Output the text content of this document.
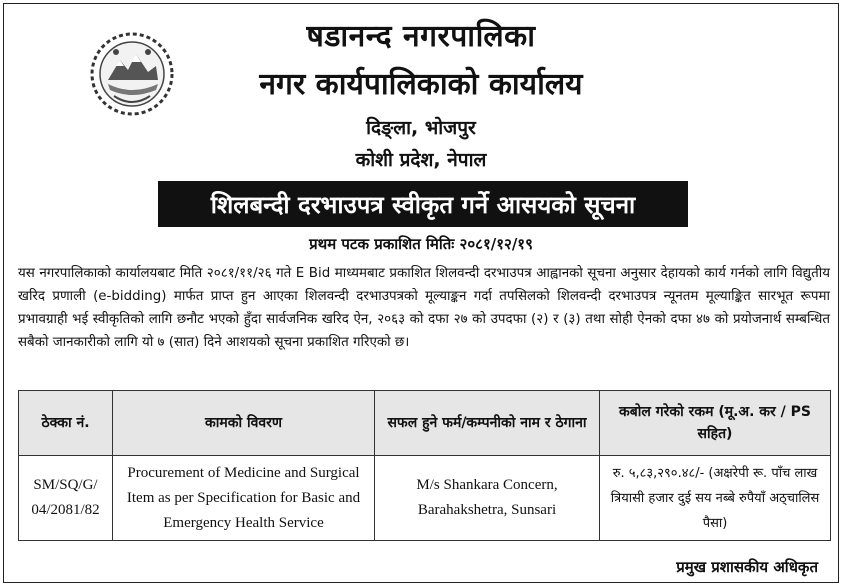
षडानन्द नगरपालिका
नगर कार्यपालिकाको कार्यालय
दिङ्ला, भोजपुर
कोशी प्रदेश, नेपाल
शिलबन्दी दरभाउपत्र स्वीकृत गर्ने आसयको सूचना
प्रथम पटक प्रकाशित मितिः २०८१/१२/१९
यस नगरपालिकाको कार्यालयबाट मिति २०८१/११/२६ गते E Bid माध्यमबाट प्रकाशित शिलवन्दी दरभाउपत्र आह्वानको सूचना अनुसार देहायको कार्य गर्नको लागि विद्युतीय खरिद प्रणाली (e-bidding) मार्फत प्राप्त हुन आएका शिलवन्दी दरभाउपत्रको मूल्याङ्कन गर्दा तपसिलको शिलवन्दी दरभाउपत्र न्यूनतम मूल्याङ्कित सारभूत रूपमा प्रभावग्राही भई स्वीकृतिको लागि छनौट भएको हुँदा सार्वजनिक खरिद ऐन, २०६३ को दफा २७ को उपदफा (२) र (३) तथा सोही ऐनको दफा ४७ को प्रयोजनार्थ सम्बन्धित सबैको जानकारीको लागि यो ७ (सात) दिने आशयको सूचना प्रकाशित गरिएको छ।
ठेक्का नं.	कामको विवरण	सफल हुने फर्म/कम्पनीको नाम र ठेगाना	कबोल गरेको रकम (मू.अ. कर / PS सहित)
SM/SQ/G/ 04/2081/82	Procurement of Medicine and Surgical Item as per Specification for Basic and Emergency Health Service	M/s Shankara Concern, Barahakshetra, Sunsari	रु. ५,८३,२९०.४८/- (अक्षरेपी रू. पाँच लाख त्रियासी हजार दुई सय नब्बे रुपैयाँ अठ्चालिस पैसा)
प्रमुख प्रशासकीय अधिकृत
